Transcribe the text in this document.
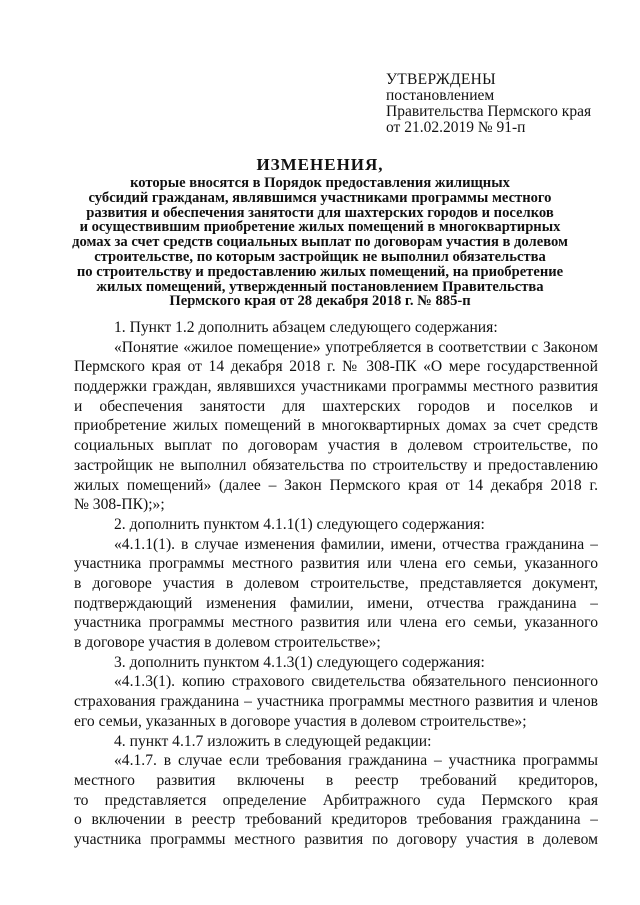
УТВЕРЖДЕНЫ
постановлением
Правительства Пермского края
от 21.02.2019 № 91-п
ИЗМЕНЕНИЯ,
которые вносятся в Порядок предоставления жилищных
субсидий гражданам, являвшимся участниками программы местного
развития и обеспечения занятости для шахтерских городов и поселков
и осуществившим приобретение жилых помещений в многоквартирных
домах за счет средств социальных выплат по договорам участия в долевом
строительстве, по которым застройщик не выполнил обязательства
по строительству и предоставлению жилых помещений, на приобретение
жилых помещений, утвержденный постановлением Правительства
Пермского края от 28 декабря 2018 г. № 885-п
1. Пункт 1.2 дополнить абзацем следующего содержания:
«Понятие «жилое помещение» употребляется в соответствии с Законом
Пермского края от 14 декабря 2018 г. № 308-ПК «О мере государственной
поддержки граждан, являвшихся участниками программы местного развития
и обеспечения занятости для шахтерских городов и поселков и
приобретение жилых помещений в многоквартирных домах за счет средств
социальных выплат по договорам участия в долевом строительстве, по
застройщик не выполнил обязательства по строительству и предоставлению
жилых помещений» (далее – Закон Пермского края от 14 декабря 2018 г.
№ 308-ПК);»;
2. дополнить пунктом 4.1.1(1) следующего содержания:
«4.1.1(1). в случае изменения фамилии, имени, отчества гражданина –
участника программы местного развития или члена его семьи, указанного
в договоре участия в долевом строительстве, представляется документ,
подтверждающий изменения фамилии, имени, отчества гражданина –
участника программы местного развития или члена его семьи, указанного
в договоре участия в долевом строительстве»;
3. дополнить пунктом 4.1.3(1) следующего содержания:
«4.1.3(1). копию страхового свидетельства обязательного пенсионного
страхования гражданина – участника программы местного развития и членов
его семьи, указанных в договоре участия в долевом строительстве»;
4. пункт 4.1.7 изложить в следующей редакции:
«4.1.7. в случае если требования гражданина – участника программы
местного развития включены в реестр требований кредиторов,
то представляется определение Арбитражного суда Пермского края
о включении в реестр требований кредиторов требования гражданина –
участника программы местного развития по договору участия в долевом
